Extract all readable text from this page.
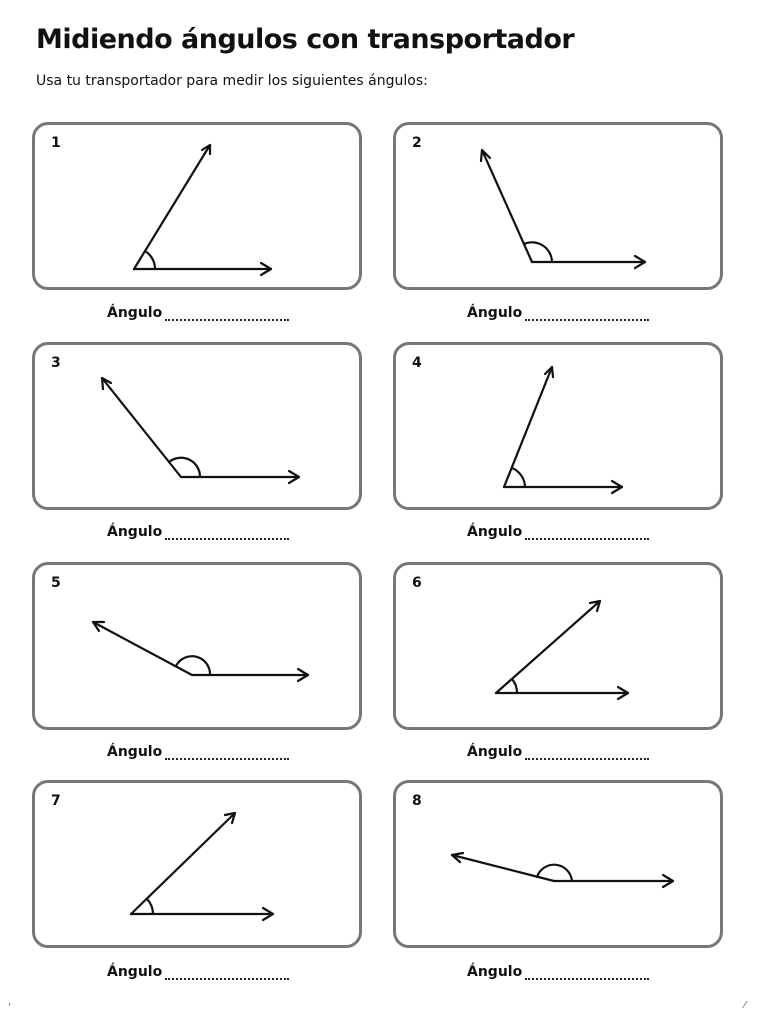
Midiendo ángulos con transportador
Usa tu transportador para medir los siguientes ángulos:
1
Ángulo
2
Ángulo
3
Ángulo
4
Ángulo
5
Ángulo
6
Ángulo
7
Ángulo
8
Ángulo
‘	⁄
